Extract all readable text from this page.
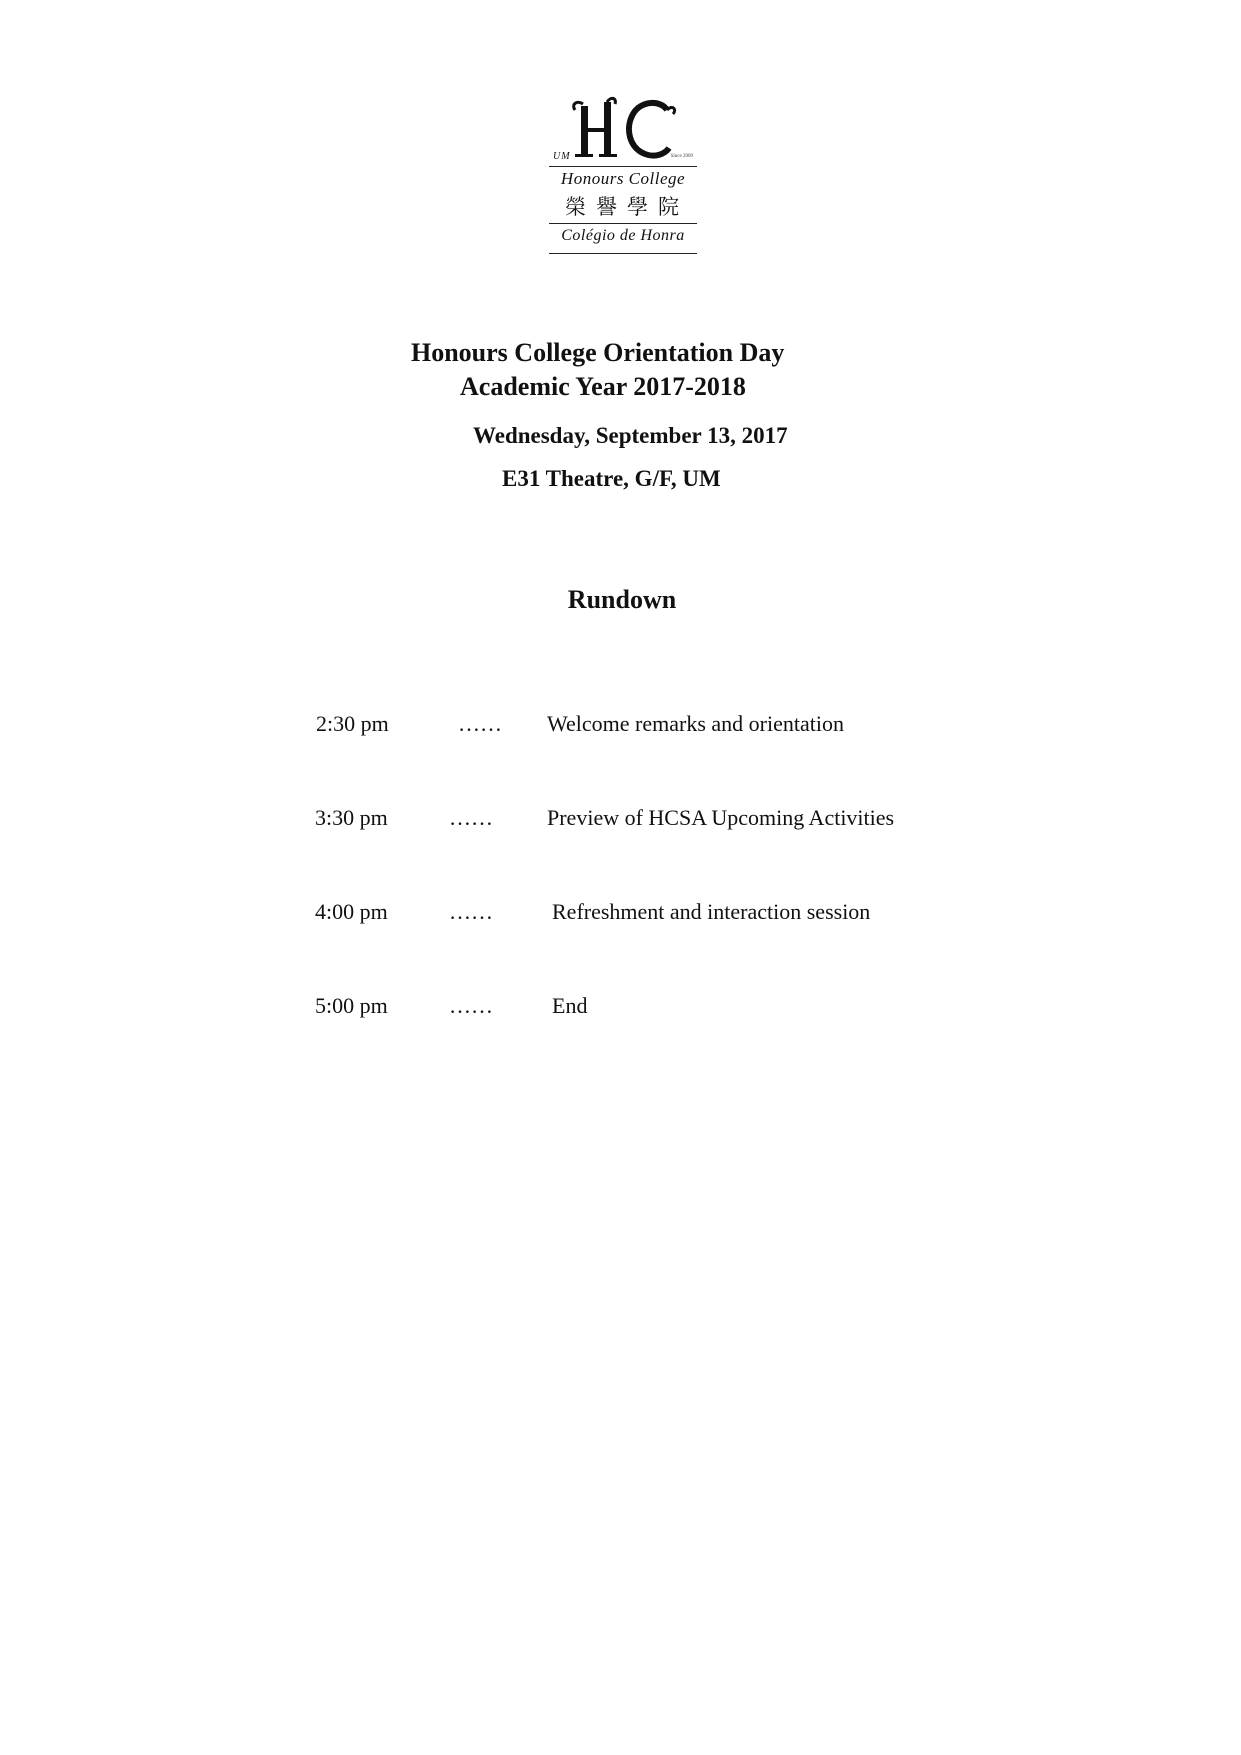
UM	Since 2009
Honours College
榮譽學院
Colégio de Honra
Honours College Orientation Day
Academic Year 2017-2018
Wednesday, September 13, 2017
E31 Theatre, G/F, UM
Rundown
2:30 pm	…… Welcome remarks and orientation
3:30 pm	…… Preview of HCSA Upcoming Activities
4:00 pm	……	Refreshment and interaction session
5:00 pm	……	End
